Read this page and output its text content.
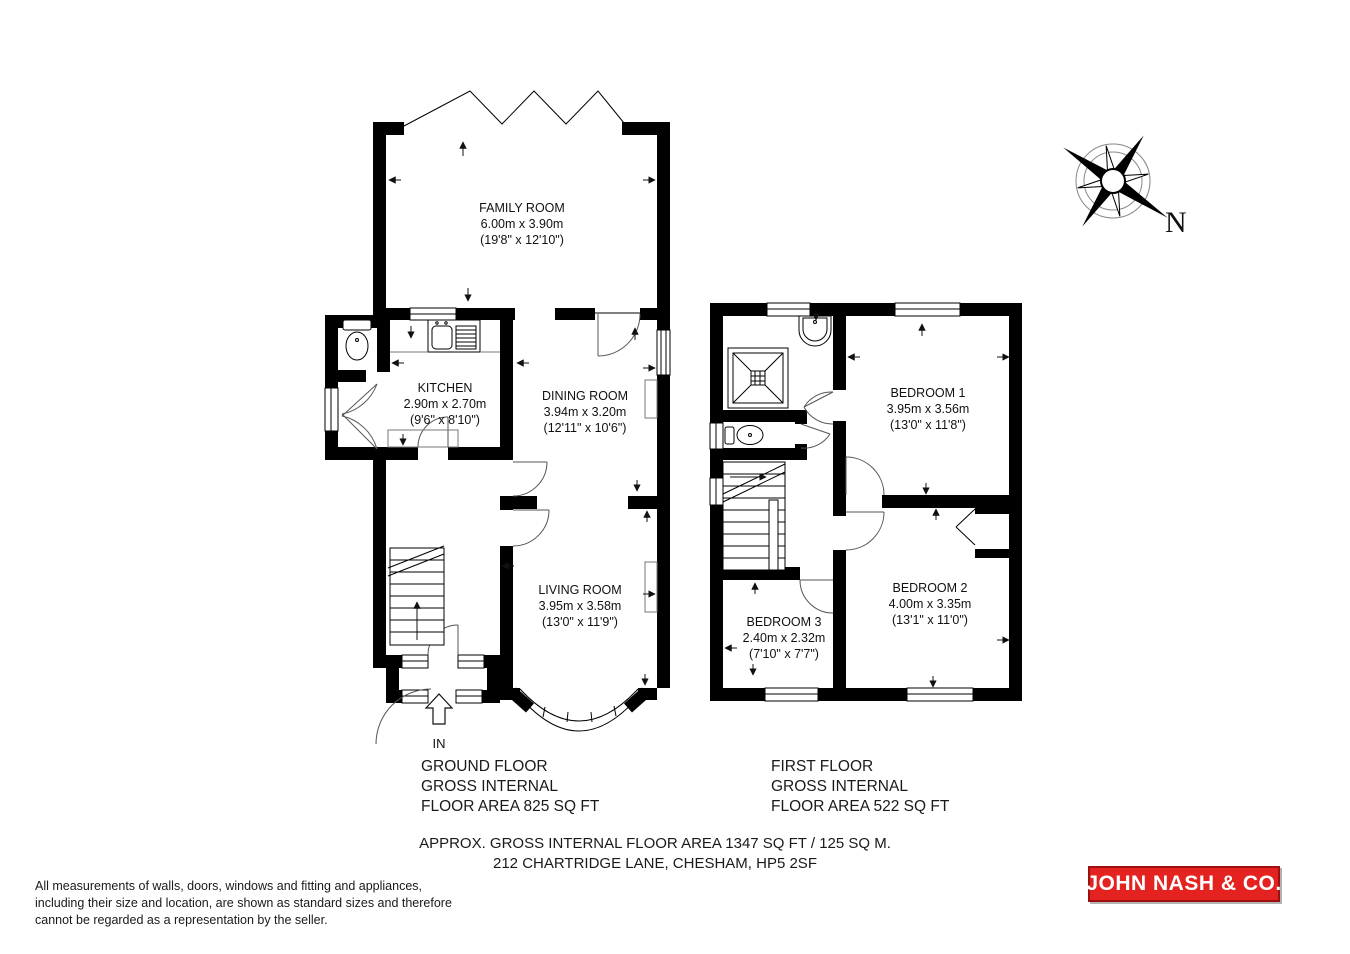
IN
FAMILY ROOM
6.00m x 3.90m
(19'8" x 12'10")
KITCHEN
2.90m x 2.70m
(9'6" x 8'10")
DINING ROOM
3.94m x 3.20m
(12'11" x 10'6")
LIVING ROOM
3.95m x 3.58m
(13'0" x 11'9")
BEDROOM 1
3.95m x 3.56m
(13'0" x 11'8")
BEDROOM 2
4.00m x 3.35m
(13'1" x 11'0")
BEDROOM 3
2.40m x 2.32m
(7'10" x 7'7")
N
GROUND FLOOR
GROSS INTERNAL
FLOOR AREA 825 SQ FT
FIRST FLOOR
GROSS INTERNAL
FLOOR AREA 522 SQ FT
APPROX. GROSS INTERNAL FLOOR AREA 1347 SQ FT / 125 SQ M.
212 CHARTRIDGE LANE, CHESHAM, HP5 2SF
All measurements of walls, doors, windows and fitting and appliances,
including their size and location, are shown as standard sizes and therefore
cannot be regarded as a representation by the seller.
JOHN NASH & CO.
